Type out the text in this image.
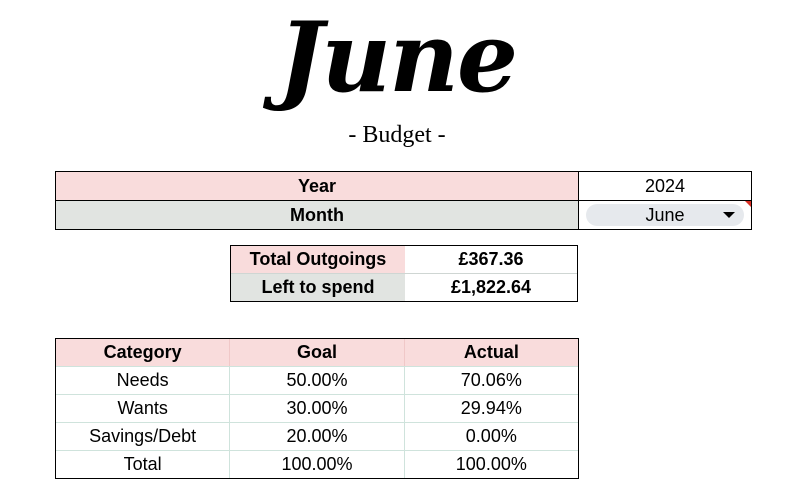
June
- Budget -
Year	2024
Month	June
Total Outgoings	£367.36
Left to spend	£1,822.64
Category	Goal	Actual
Needs	50.00%	70.06%
Wants	30.00%	29.94%
Savings/Debt	20.00%	0.00%
Total	100.00%	100.00%
